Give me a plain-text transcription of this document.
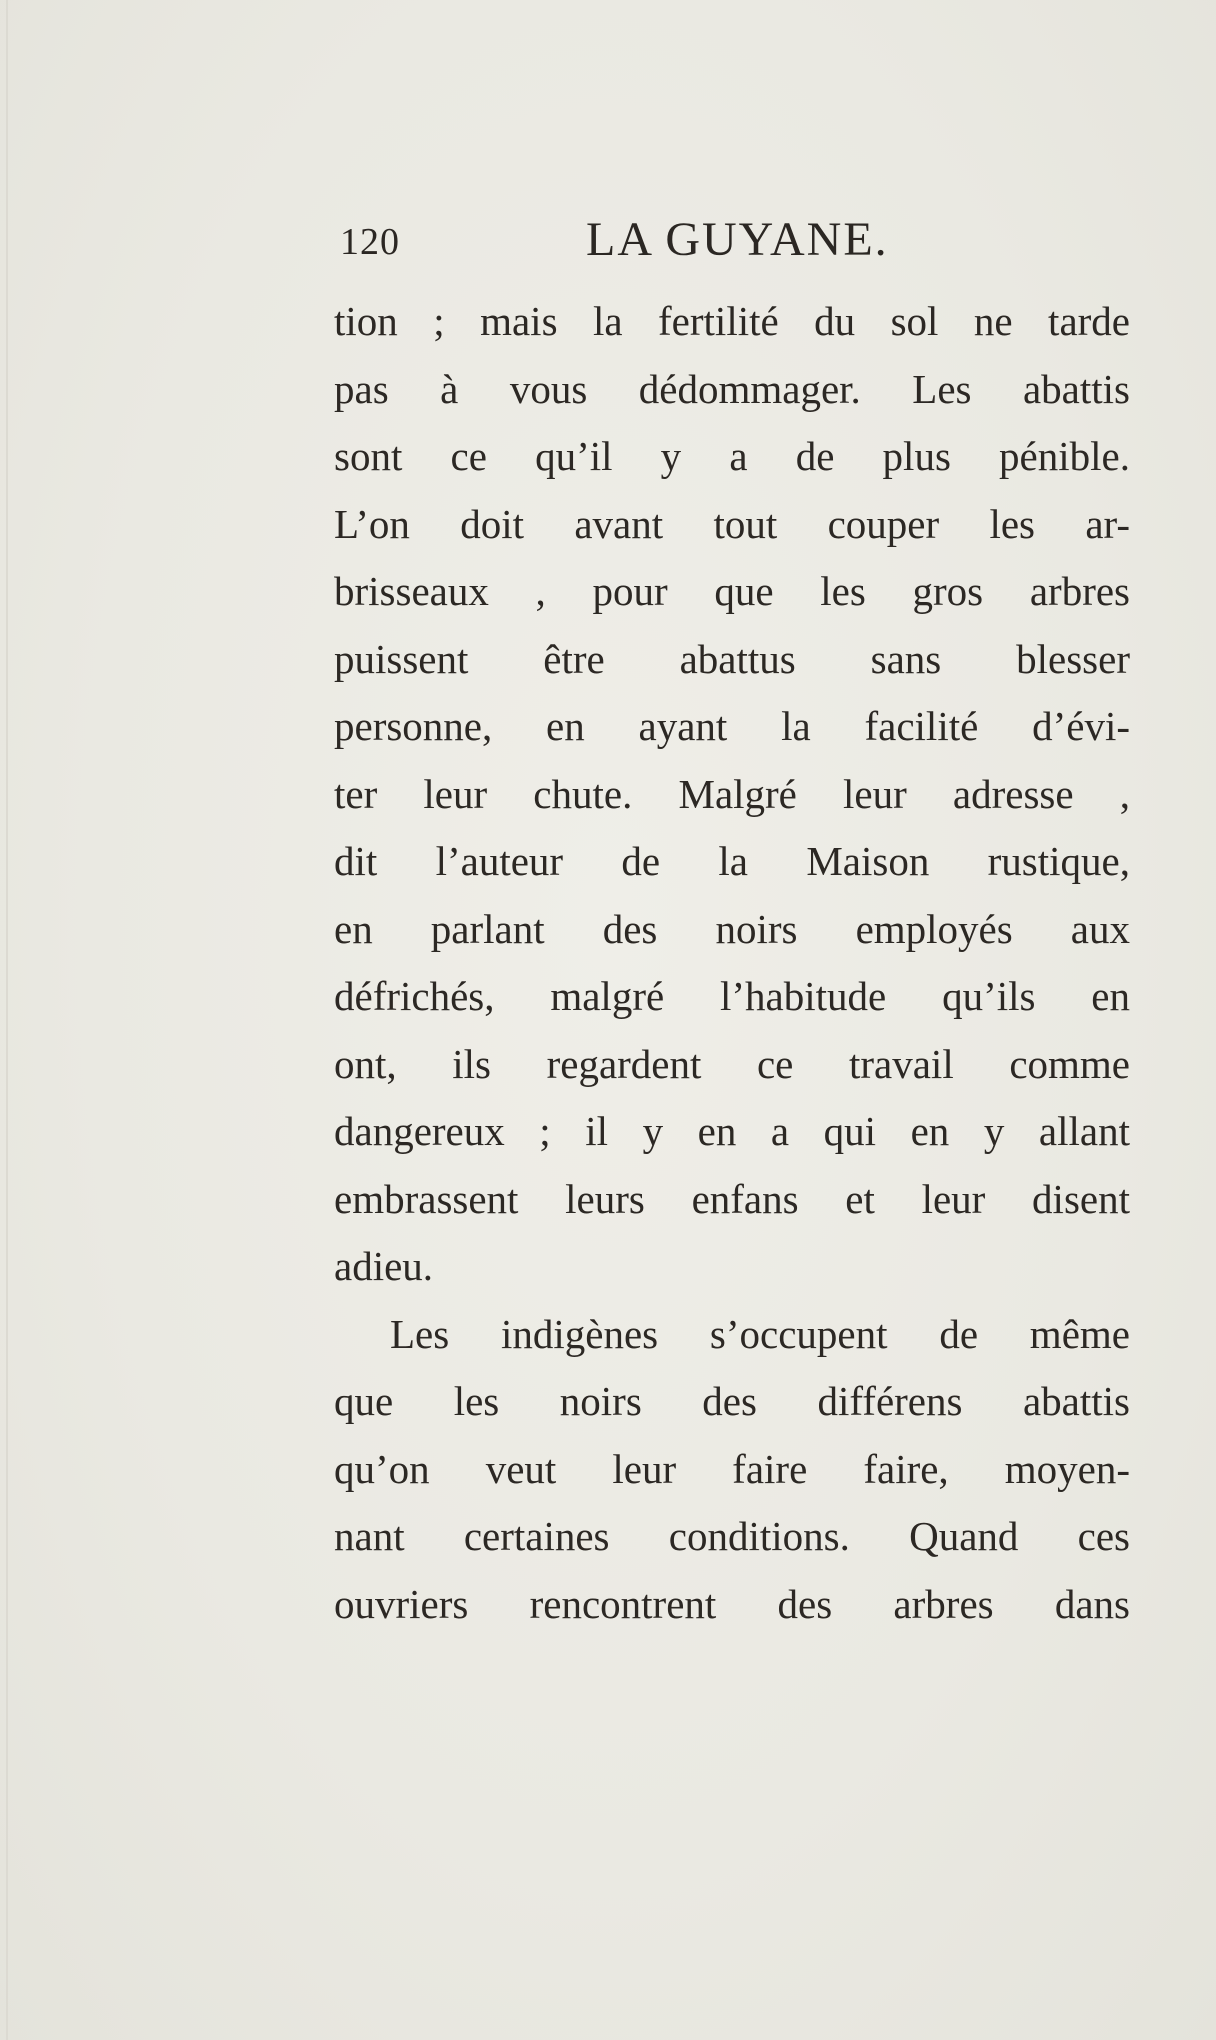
120	LA GUYANE.
tion ; mais la fertilité du sol ne tarde
pas à vous dédommager. Les abattis
sont ce qu’il y a de plus pénible.
L’on doit avant tout couper les ar-
brisseaux , pour que les gros arbres
puissent être abattus sans blesser
personne, en ayant la facilité d’évi-
ter leur chute. Malgré leur adresse ,
dit l’auteur de la Maison rustique,
en parlant des noirs employés aux
défrichés, malgré l’habitude qu’ils en
ont, ils regardent ce travail comme
dangereux ; il y en a qui en y allant
embrassent leurs enfans et leur disent
adieu.
Les indigènes s’occupent de même
que les noirs des différens abattis
qu’on veut leur faire faire, moyen-
nant certaines conditions. Quand ces
ouvriers rencontrent des arbres dans
